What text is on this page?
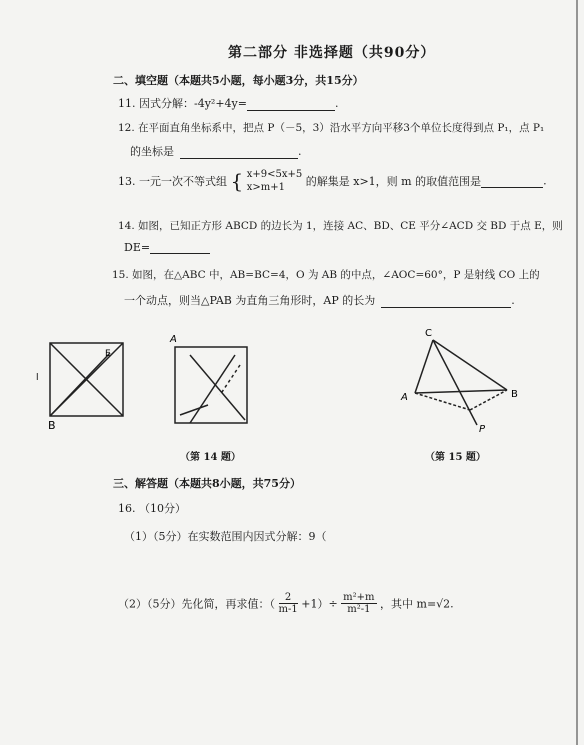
第二部分 非选择题（共90分）
二、填空题（本题共5小题，每小题3分，共15分）
11. 因式分解：-4y²+4y=	.
12. 在平面直角坐标系中，把点 P（－5，3）沿水平方向平移3个单位长度得到点 P₁，点 P₁
的坐标是	.
13. 一元一次不等式组 { x+9<5x+5
x>m+1	的解集是 x>1，则 m 的取值范围是	.
14. 如图，已知正方形 ABCD 的边长为 1，连接 AC、BD、CE 平分∠ACD 交 BD 于点 E，则
DE=
15. 如图，在△ABC 中，AB=BC=4，O 为 AB 的中点，∠AOC=60°，P 是射线 CO 上的
一个动点，则当△PAB 为直角三角形时，AP 的长为	.
E
B
l
A
（第 14 题）
C
A	B
P
（第 15 题）
三、解答题（本题共8小题，共75分）
16. （10分）
（1）（5分）在实数范围内因式分解：9（
（2）（5分）先化简，再求值：（ $\frac{2}{m-1} +1)\div \frac{\text{m²+m}}{\text{m²-1}}$ ，其中 m=√2.
